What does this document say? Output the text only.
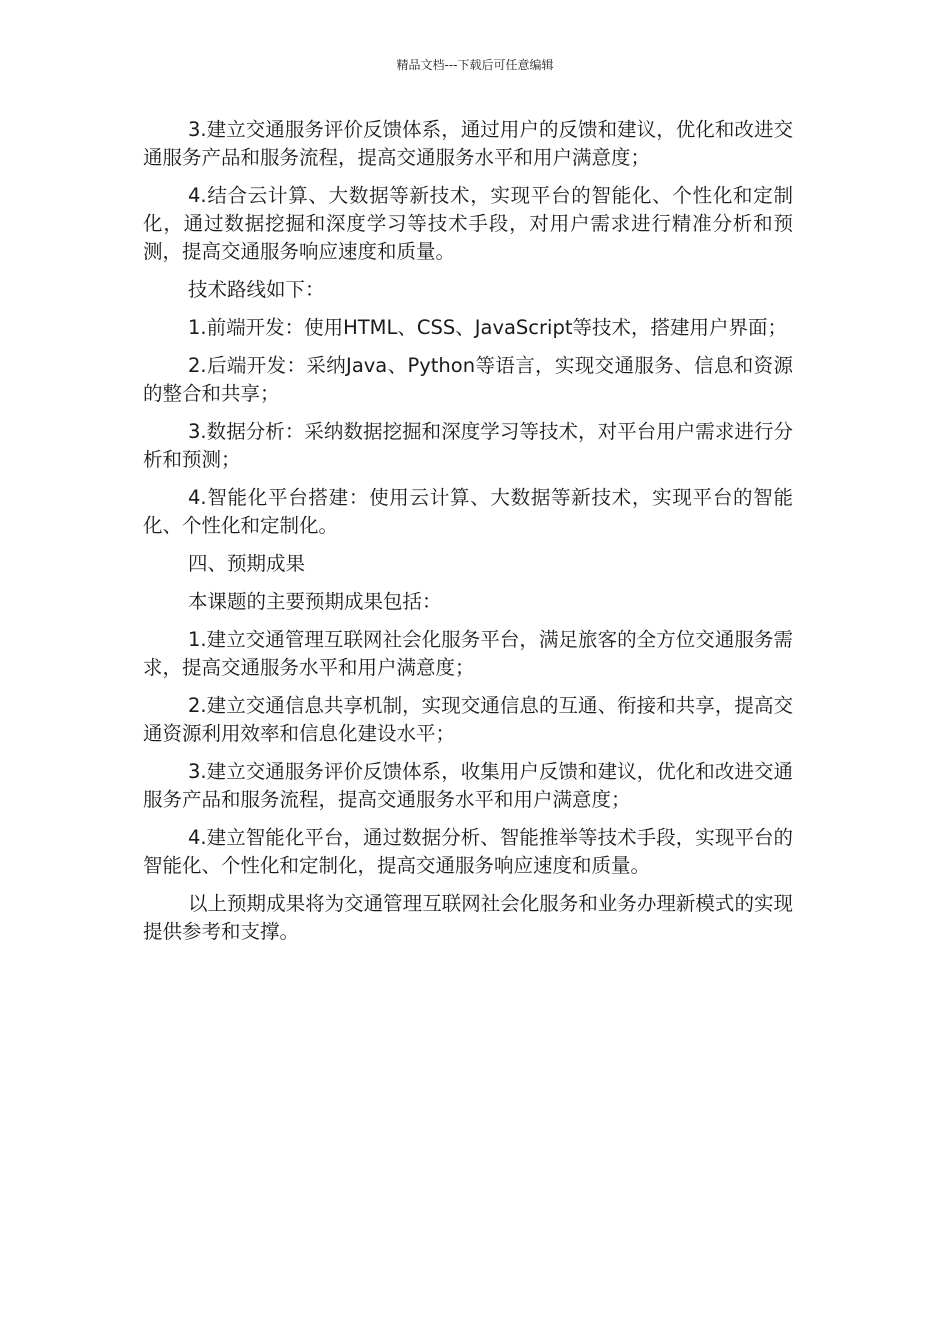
精品文档---下载后可任意编辑

3.建立交通服务评价反馈体系，通过用户的反馈和建议，优化和改进交通服务产品和服务流程，提高交通服务水平和用户满意度；

4.结合云计算、大数据等新技术，实现平台的智能化、个性化和定制化，通过数据挖掘和深度学习等技术手段，对用户需求进行精准分析和预测，提高交通服务响应速度和质量。

技术路线如下：

1.前端开发：使用HTML、CSS、JavaScript等技术，搭建用户界面；

2.后端开发：采纳Java、Python等语言，实现交通服务、信息和资源的整合和共享；

3.数据分析：采纳数据挖掘和深度学习等技术，对平台用户需求进行分析和预测；

4.智能化平台搭建：使用云计算、大数据等新技术，实现平台的智能化、个性化和定制化。

四、预期成果

本课题的主要预期成果包括：

1.建立交通管理互联网社会化服务平台，满足旅客的全方位交通服务需求，提高交通服务水平和用户满意度；

2.建立交通信息共享机制，实现交通信息的互通、衔接和共享，提高交通资源利用效率和信息化建设水平；

3.建立交通服务评价反馈体系，收集用户反馈和建议，优化和改进交通服务产品和服务流程，提高交通服务水平和用户满意度；

4.建立智能化平台，通过数据分析、智能推举等技术手段，实现平台的智能化、个性化和定制化，提高交通服务响应速度和质量。

以上预期成果将为交通管理互联网社会化服务和业务办理新模式的实现提供参考和支撑。
